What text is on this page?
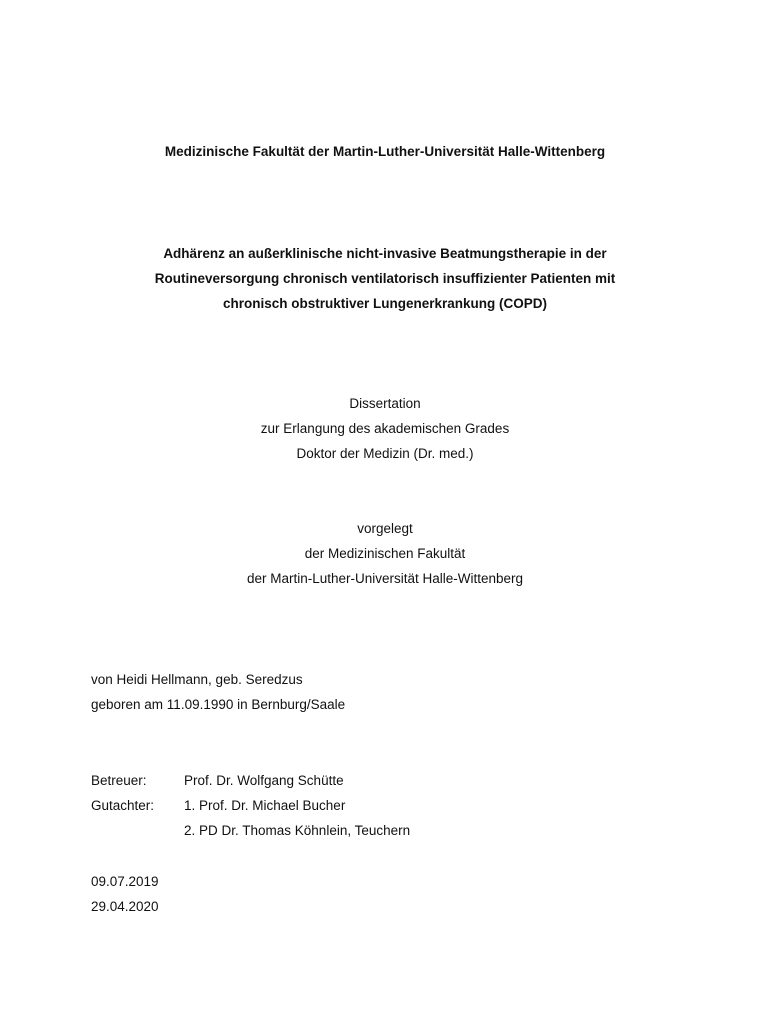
Medizinische Fakultät der Martin-Luther-Universität Halle-Wittenberg
Adhärenz an außerklinische nicht-invasive Beatmungstherapie in der
Routineversorgung chronisch ventilatorisch insuffizienter Patienten mit
chronisch obstruktiver Lungenerkrankung (COPD)
Dissertation
zur Erlangung des akademischen Grades
Doktor der Medizin (Dr. med.)
vorgelegt
der Medizinischen Fakultät
der Martin-Luther-Universität Halle-Wittenberg
von Heidi Hellmann, geb. Seredzus
geboren am 11.09.1990 in Bernburg/Saale
Betreuer:	Prof. Dr. Wolfgang Schütte
Gutachter: 1. Prof. Dr. Michael Bucher
2. PD Dr. Thomas Köhnlein, Teuchern
09.07.2019
29.04.2020
